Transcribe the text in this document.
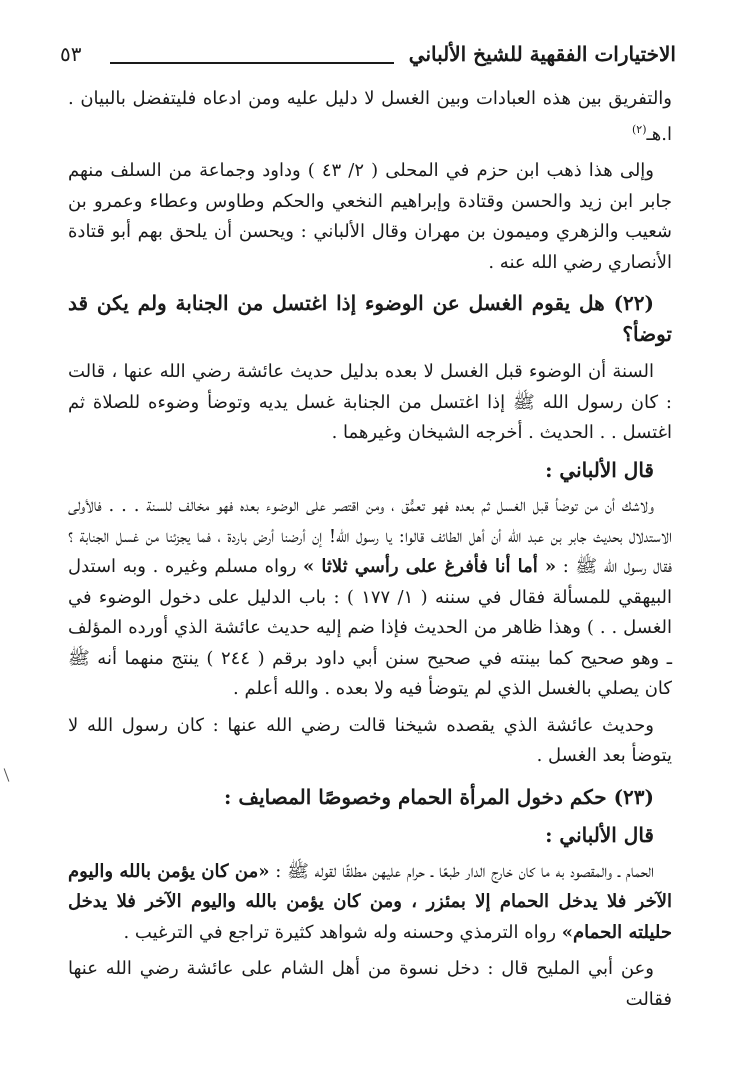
الاختيارات الفقهية للشيخ الألباني
٥٣

والتفريق بين هذه العبادات وبين الغسل لا دليل عليه ومن ادعاه فليتفضل بالبيان . ا.هـ$^{(٢)}$

وإلى هذا ذهب ابن حزم في المحلى ( ٢/ ٤٣ ) وداود وجماعة من السلف منهم جابر ابن زيد والحسن وقتادة وإبراهيم النخعي والحكم وطاوس وعطاء وعمرو بن شعيب والزهري وميمون بن مهران وقال الألباني : ويحسن أن يلحق بهم أبو قتادة الأنصاري رضي الله عنه .

(٢٢) هل يقوم الغسل عن الوضوء إذا اغتسل من الجنابة ولم يكن قد توضأ؟

السنة أن الوضوء قبل الغسل لا بعده بدليل حديث عائشة رضي الله عنها ، قالت : كان رسول الله ﷺ إذا اغتسل من الجنابة غسل يديه وتوضأ وضوءه للصلاة ثم اغتسل . . الحديث . أخرجه الشيخان وغيرهما .

قال الألباني :

ولاشك أن من توضأ قبل الغسل ثم بعده فهو تعمُّق ، ومن اقتصر على الوضوء بعده فهو مخالف للسنة . . . فالأولى الاستدلال بحديث جابر بن عبد الله أن أهل الطائف قالوا: يا رسول الله! إن أرضنا أرض باردة ، فما يجزئنا من غسل الجنابة ؟ فقال رسول الله ﷺ : « أما أنا فأفرغ على رأسي ثلاثا » رواه مسلم وغيره . وبه استدل البيهقي للمسألة فقال في سننه ( ١/ ١٧٧ ) : باب الدليل على دخول الوضوء في الغسل . . ) وهذا ظاهر من الحديث فإذا ضم إليه حديث عائشة الذي أورده المؤلف ـ وهو صحيح كما بينته في صحيح سنن أبي داود برقم ( ٢٤٤ ) ينتج منهما أنه ﷺ كان يصلي بالغسل الذي لم يتوضأ فيه ولا بعده . والله أعلم .

وحديث عائشة الذي يقصده شيخنا قالت رضي الله عنها : كان رسول الله لا يتوضأ بعد الغسل .

(٢٣) حكم دخول المرأة الحمام وخصوصًا المصايف :
قال الألباني :

الحمام ـ والمقصود به ما كان خارج الدار طبعًا ـ حرام عليهن مطلقًا لقوله ﷺ : «من كان يؤمن بالله واليوم الآخر فلا يدخل الحمام إلا بمئزر ، ومن كان يؤمن بالله واليوم الآخر فلا يدخل حليلته الحمام» رواه الترمذي وحسنه وله شواهد كثيرة تراجع في الترغيب .

وعن أبي المليح قال : دخل نسوة من أهل الشام على عائشة رضي الله عنها فقالت
